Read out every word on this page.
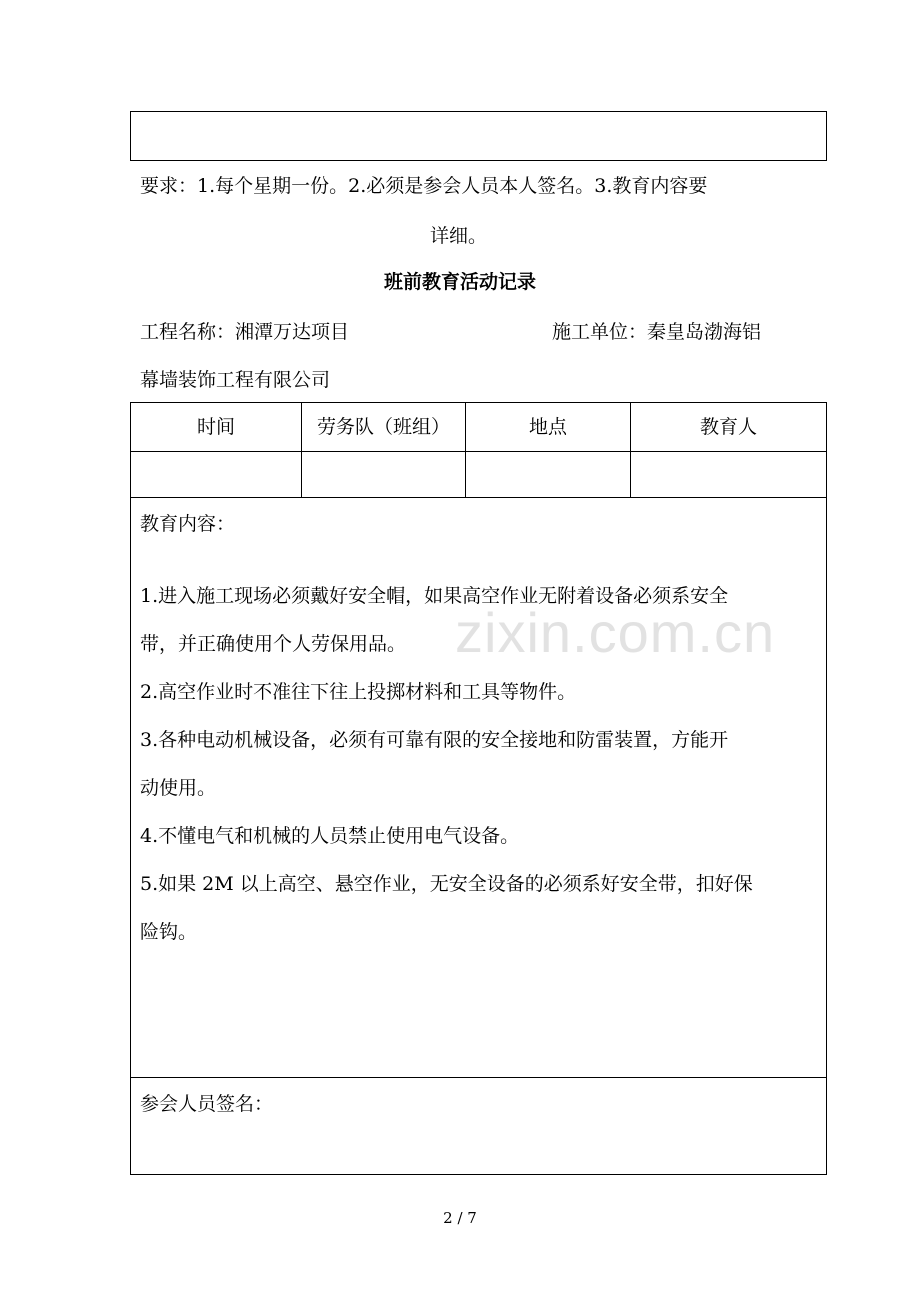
要求：1.每个星期一份。2.必须是参会人员本人签名。3.教育内容要
详细。
班前教育活动记录
工程名称：湘潭万达项目	施工单位：秦皇岛渤海铝
幕墙装饰工程有限公司
时间	劳务队（班组）	地点	教育人
教育内容：
1.进入施工现场必须戴好安全帽，如果高空作业无附着设备必须系安全
带，并正确使用个人劳保用品。
2.高空作业时不准往下往上投掷材料和工具等物件。
3.各种电动机械设备，必须有可靠有限的安全接地和防雷装置，方能开
动使用。
4.不懂电气和机械的人员禁止使用电气设备。
5.如果 2M 以上高空、悬空作业，无安全设备的必须系好安全带，扣好保
险钩。
zixin.com.cn
参会人员签名：
2 / 7
